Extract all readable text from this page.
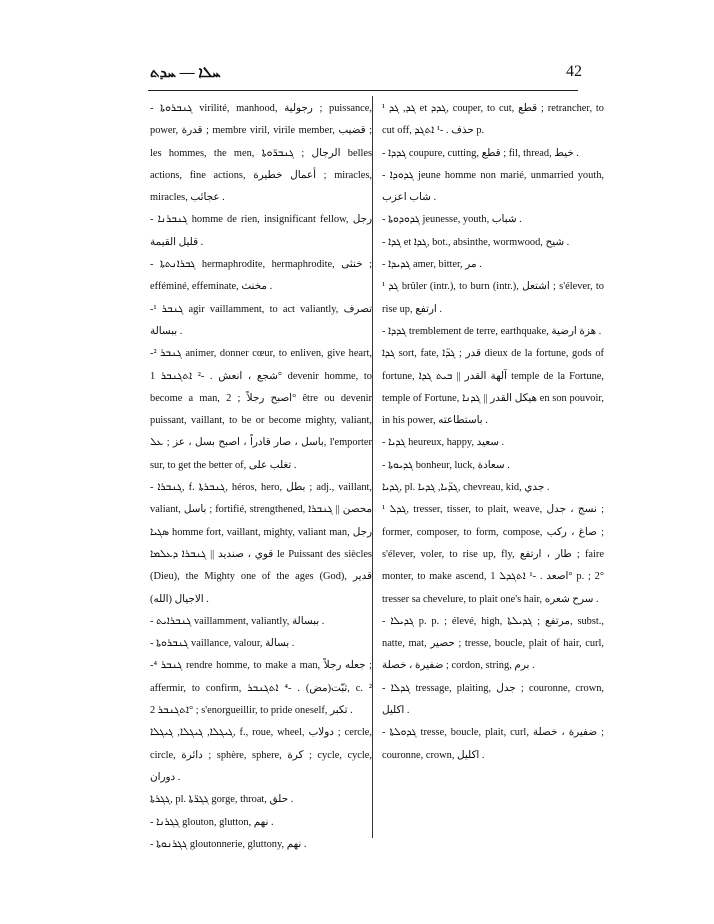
ܚܠܐ — ܚܕܬ	42

- ܓܢܒܪܘܬܐ virilité, manhood, رجولية ; puissance, power, قدرة ; membre viril, virile member, قضيب ; les hommes, the men, الرجال ; ܓܢܒܪ̈ܘܬܐ belles actions, fine actions, أعمال خطيرة ; miracles, miracles, عجائب .

- ܓܢܒܪܢܐ homme de rien, insignificant fellow, رجل قليل القيمة .

- ܓܒܪܐܢܬܬܐ hermaphrodite, hermaphrodite, خنثى ; efféminé, effeminate, مخنث .

-¹ ܓܢܒܪ agir vaillamment, to act valiantly, تصرف ببسالة .

-² ܓܢܒܪ animer, donner cœur, to enliven, give heart, شجع ، انعش . -² ܐܬܓܢܒܪ 1° devenir homme, to become a man, اصبح رجلاً ; 2° être ou devenir puissant, vaillant, to be or become mighty, valiant, باسل ، صار قادراً ، اصبح بسل ، عز ; ܥܠ, l'emporter sur, to get the better of, تغلب على .

- ܓܢܒܪܐ, f. ܓܢܒܪܬܐ, héros, hero, بطل ; adj., vaillant, valiant, باسل ; fortifié, strengthened, محصن || ܓܢܒܪܐ ܣܓܝܐ homme fort, vaillant, mighty, valiant man, رجل قوي ، صنديد || ܓܢܒܪܐ ܕܥܠܡܐ le Puissant des siècles (Dieu), the Mighty one of the ages (God), قدير الاجيال (الله) .

- ܓܢܒܪܐܝܬ vaillamment, valiantly, ببسالة .

- ܓܢܒܪܘܬܐ vaillance, valour, بسالة .

-⁴ ܓܢܒܪ rendre homme, to make a man, جعله رجلاً ; affermir, to confirm, ثبّت(مض) . -⁴ ܐܬܓܢܒܪ, c. ² ܐܬܓܢܒܪ 2° ; s'enorgueillir, to pride oneself, تكبر .

ܓܝܓܠܐ, ܓܝܓܠܐ, ܓܝܓܠܐ, f., roue, wheel, دولاب ; cercle, circle, دائرة ; sphère, sphere, كرة ; cycle, cycle, دوران .

ܓܓܪܬܐ, pl. ܓܓܪ̈ܬܐ gorge, throat, حلق .

- ܓܓܪܢܐ glouton, glutton, نهم .

- ܓܓܪܢܘܬܐ gloutonnerie, gluttony, نهم .

¹ ܓܕ, ܓܕ et ܓܕܕ, couper, to cut, قطع ; retrancher, to cut off, حذف . -¹ ܐܬܓܕ p.

- ܓܕܕܐ coupure, cutting, قطع ; fil, thread, خيط .

- ܓܕܘܕܐ jeune homme non marié, unmarried youth, شاب اعزب .

- ܓܕܘܕܘܬܐ jeunesse, youth, شباب .

- ܓܕܐ et ܓܕܐ, bot., absinthe, wormwood, شيح .

- ܓܕܝܕܐ amer, bitter, مر .

¹ ܓܕ brûler (intr.), to burn (intr.), اشتعل ; s'élever, to rise up, ارتفع .

- ܓܕܕܐ tremblement de terre, earthquake, هزة ارضية .

ܓܕܐ sort, fate, قدر ; ܓܕ̈ܐ dieux de la fortune, gods of fortune, آلهة القدر || ܒܝܬ ܓܕܐ temple de la Fortune, temple of Fortune, هيكل القدر || ܓܕܢܐ en son pouvoir, in his power, باستطاعته .

- ܓܕܝܐ heureux, happy, سعيد .

- ܓܕܝܘܬܐ bonheur, luck, سعادة .

ܓܕܝܐ, pl. ܓܕ̈ܝܐ, ܓܕܝܐ, chevreau, kid, جدي .

¹ ܓܕܠ, tresser, tisser, to plait, weave, نسج ، جدل ; former, composer, to form, compose, صاغ ، ركب ; s'élever, voler, to rise up, fly, طار ، ارتفع ; faire monter, to make ascend, اصعد . -¹ ܐܬܓܕܠ 1° p. ; 2° tresser sa chevelure, to plait one's hair, سرح شعره .

- ܓܕܝܠܐ p. p. ; élevé, high, مرتفع ; ܓܕܝܠܬܐ, subst., natte, mat, حصير ; tresse, boucle, plait of hair, curl, ضفيرة ، خصلة ; cordon, string, برم .

- ܓܕܠܐ tressage, plaiting, جدل ; couronne, crown, اكليل .

- ܓܕܘܠܬܐ tresse, boucle, plait, curl, ضفيرة ، خصلة ; couronne, crown, اكليل .
